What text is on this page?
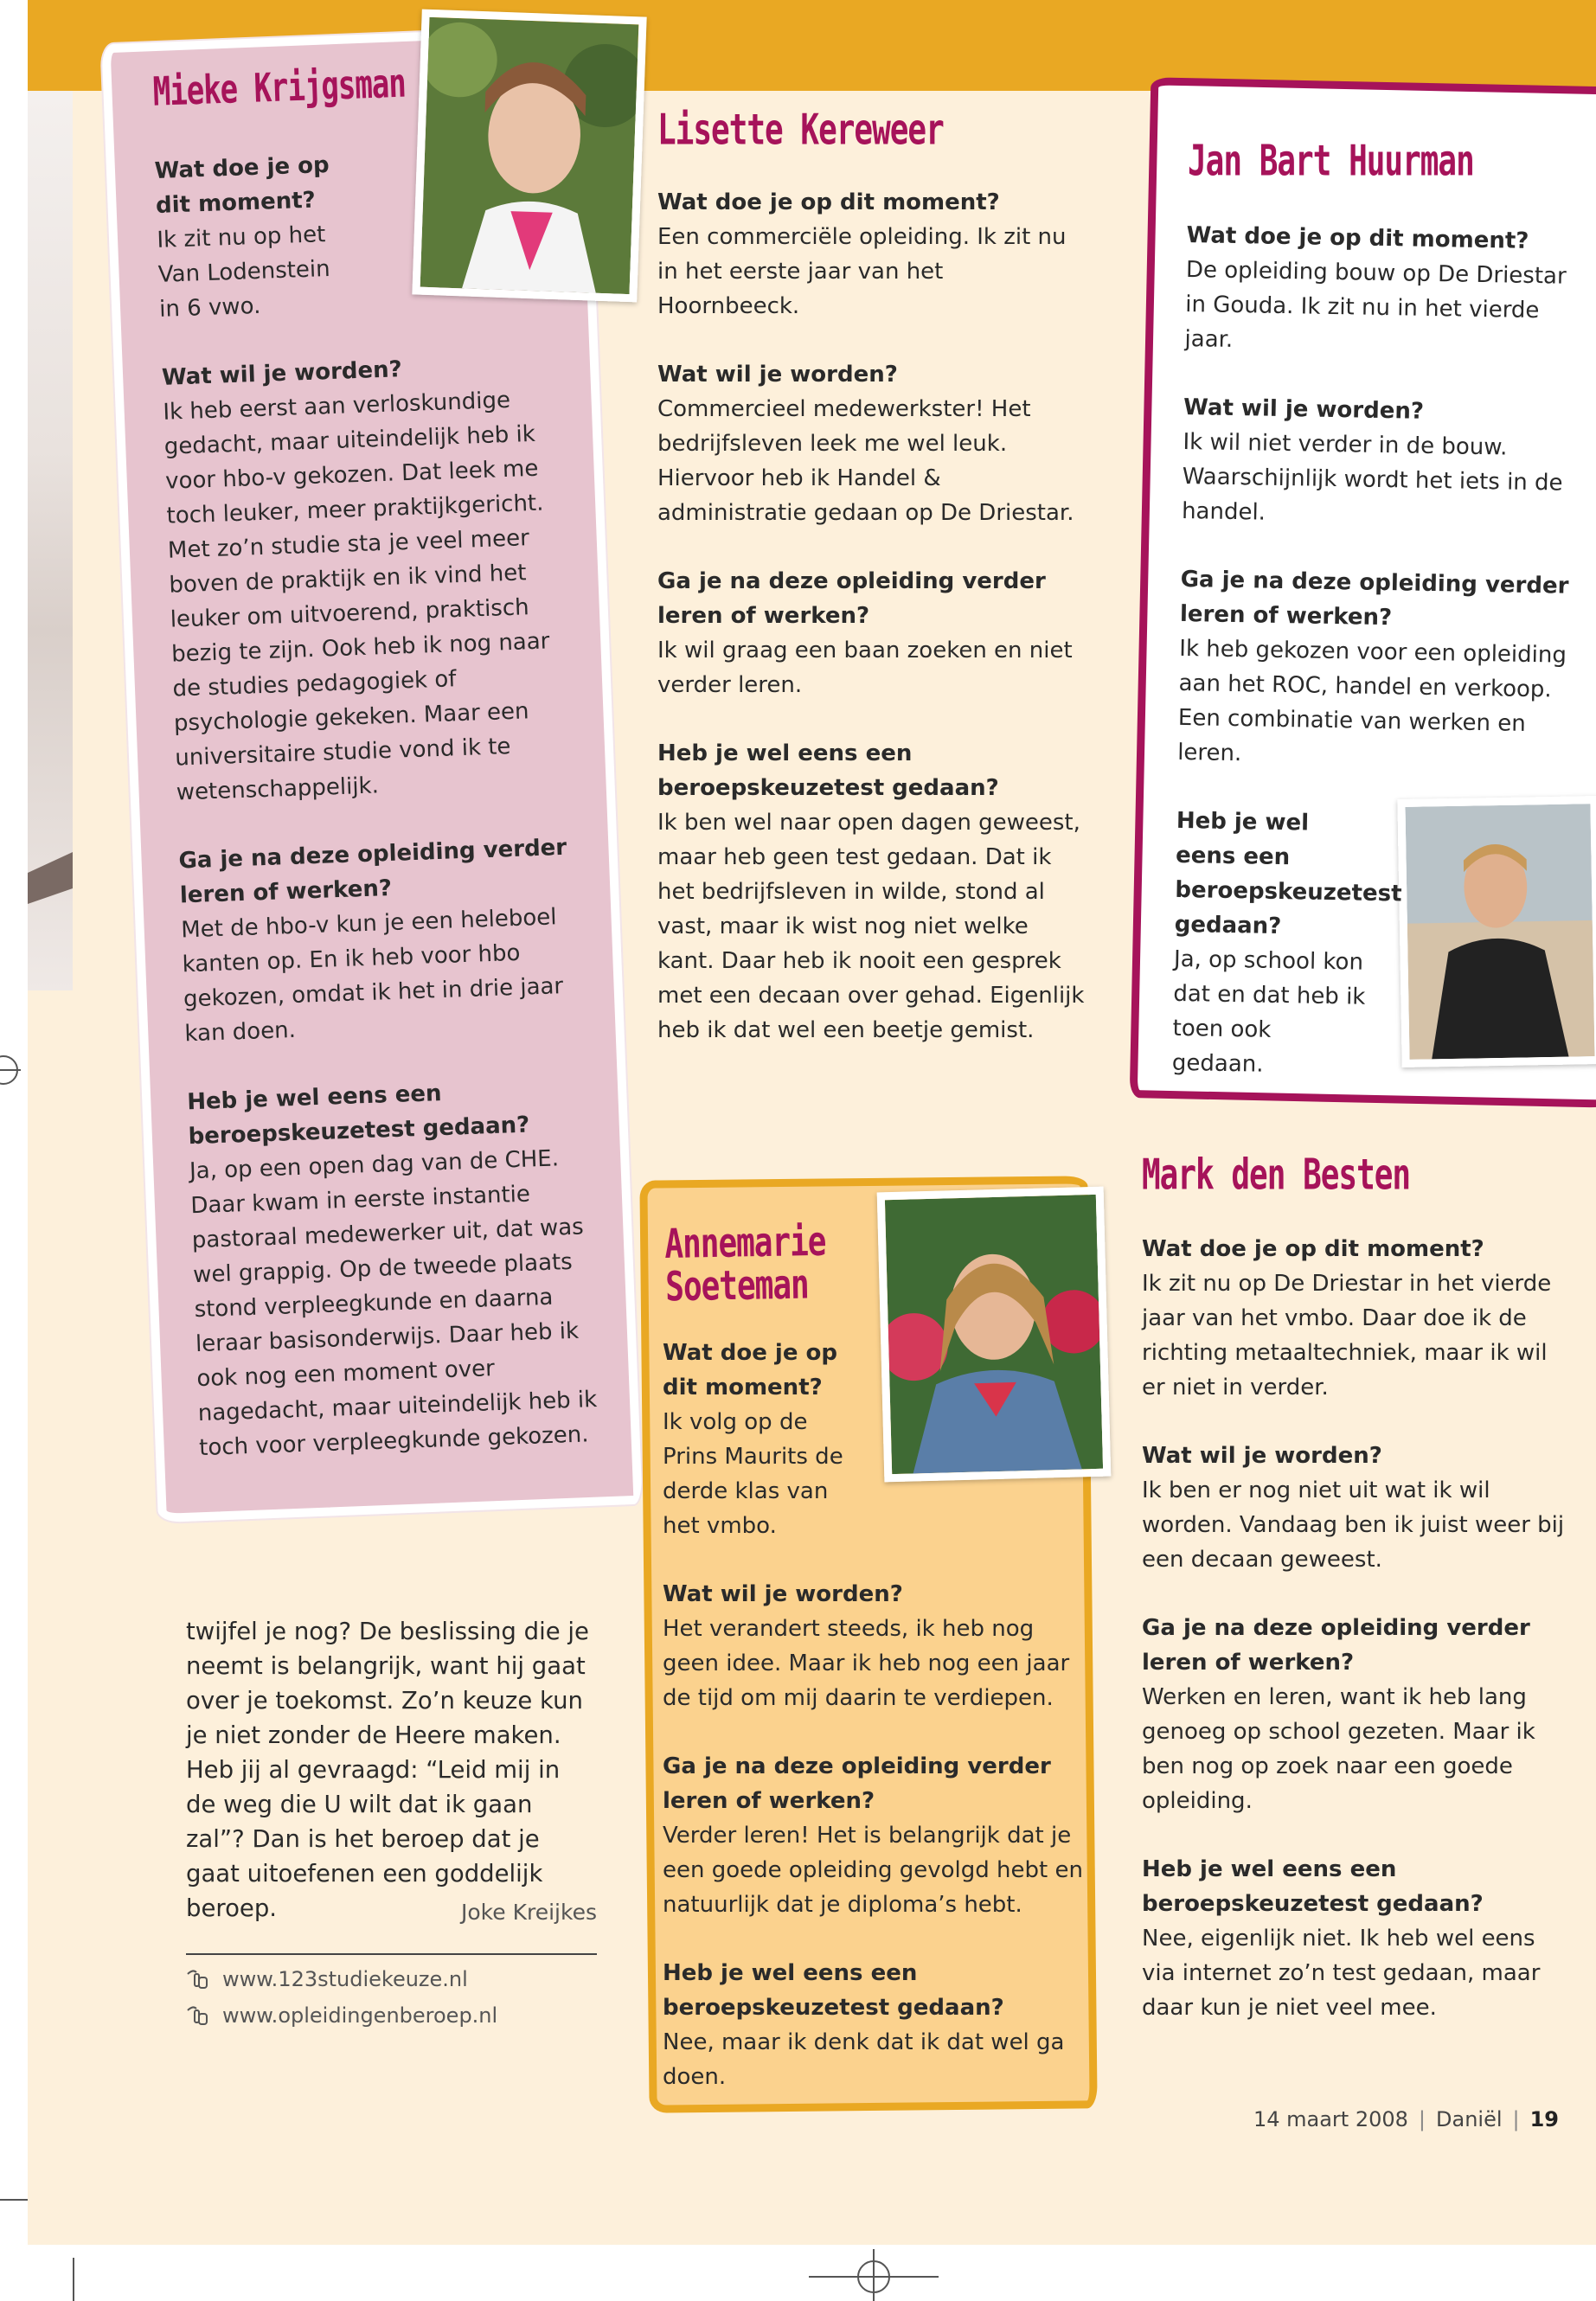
Mieke Krijgsman
Lisette Kereweer
Jan Bart Huurman
Annemarie Soeteman
Mark den Besten
Wat doe je op dit moment?
Ik zit nu op het Van Lodenstein in 6 vwo.
Wat wil je worden?
Ik heb eerst aan verloskundige gedacht, maar uiteindelijk heb ik voor hbo-v gekozen. Dat leek me toch leuker, meer praktijkgericht. Met zo’n studie sta je veel meer boven de praktijk en ik vind het leuker om uitvoerend, praktisch bezig te zijn. Ook heb ik nog naar de studies pedagogiek of psychologie gekeken. Maar een universitaire studie vond ik te wetenschappelijk.
Ga je na deze opleiding verder leren of werken?
Met de hbo-v kun je een heleboel kanten op. En ik heb voor hbo gekozen, omdat ik het in drie jaar kan doen.
Heb je wel eens een beroepskeuzetest gedaan?
Ja, op een open dag van de CHE. Daar kwam in eerste instantie pastoraal medewerker uit, dat was wel grappig. Op de tweede plaats stond verpleegkunde en daarna leraar basisonderwijs. Daar heb ik ook nog een moment over nagedacht, maar uiteindelijk heb ik toch voor verpleegkunde gekozen.
Wat doe je op dit moment?
Een commerciële opleiding. Ik zit nu in het eerste jaar van het Hoornbeeck.
Wat wil je worden?
Commercieel medewerkster! Het bedrijfsleven leek me wel leuk. Hiervoor heb ik Handel & administratie gedaan op De Driestar.
Ga je na deze opleiding verder leren of werken?
Ik wil graag een baan zoeken en niet verder leren.
Heb je wel eens een beroepskeuzetest gedaan?
Ik ben wel naar open dagen geweest, maar heb geen test gedaan. Dat ik het bedrijfsleven in wilde, stond al vast, maar ik wist nog niet welke kant. Daar heb ik nooit een gesprek met een decaan over gehad. Eigenlijk heb ik dat wel een beetje gemist.
Wat doe je op dit moment?
De opleiding bouw op De Driestar in Gouda. Ik zit nu in het vierde jaar.
Wat wil je worden?
Ik wil niet verder in de bouw. Waarschijnlijk wordt het iets in de handel.
Ga je na deze opleiding verder leren of werken?
Ik heb gekozen voor een opleiding aan het ROC, handel en verkoop. Een combinatie van werken en leren.
Heb je wel eens een beroepskeuzetest gedaan?
Ja, op school kon dat en dat heb ik toen ook gedaan.
Wat doe je op dit moment?
Ik volg op de Prins Maurits de derde klas van het vmbo.
Wat wil je worden?
Het verandert steeds, ik heb nog geen idee. Maar ik heb nog een jaar de tijd om mij daarin te verdiepen.
Ga je na deze opleiding verder leren of werken?
Verder leren! Het is belangrijk dat je een goede opleiding gevolgd hebt en natuurlijk dat je diploma’s hebt.
Heb je wel eens een beroepskeuzetest gedaan?
Nee, maar ik denk dat ik dat wel ga doen.
Wat doe je op dit moment?
Ik zit nu op De Driestar in het vierde jaar van het vmbo. Daar doe ik de richting metaaltechniek, maar ik wil er niet in verder.
Wat wil je worden?
Ik ben er nog niet uit wat ik wil worden. Vandaag ben ik juist weer bij een decaan geweest.
Ga je na deze opleiding verder leren of werken?
Werken en leren, want ik heb lang genoeg op school gezeten. Maar ik ben nog op zoek naar een goede opleiding.
Heb je wel eens een beroepskeuzetest gedaan?
Nee, eigenlijk niet. Ik heb wel eens via internet zo’n test gedaan, maar daar kun je niet veel mee.

twijfel je nog? De beslissing die je neemt is belangrijk, want hij gaat over je toekomst. Zo’n keuze kun je niet zonder de Heere maken. Heb jij al gevraagd: “Leid mij in de weg die U wilt dat ik gaan zal”? Dan is het beroep dat je gaat uitoefenen een goddelijk beroep.	Joke Kreijkes

www.123studiekeuze.nl
www.opleidingenberoep.nl
14 maart 2008 | Daniël | 19
